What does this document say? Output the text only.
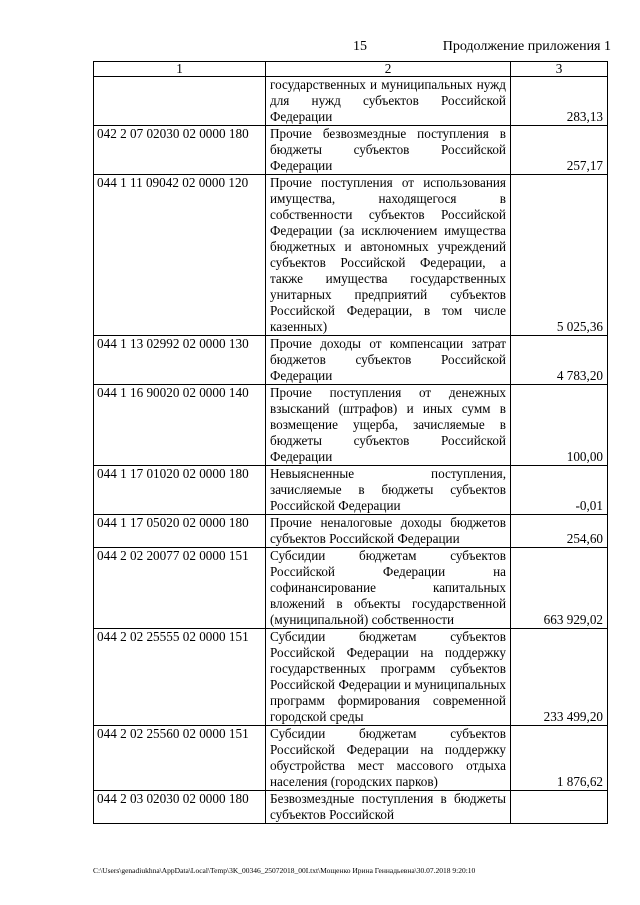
15	Продолжение приложения 1
1	2	3
	государственных и муниципальных нужд для нужд субъектов Российской Федерации	283,13
042 2 07 02030 02 0000 180	Прочие безвозмездные поступления в бюджеты субъектов Российской Федерации	257,17
044 1 11 09042 02 0000 120	Прочие поступления от использования имущества, находящегося в собственности субъектов Российской Федерации (за исключением имущества бюджетных и автономных учреждений субъектов Российской Федерации, а также имущества государственных унитарных предприятий субъектов Российской Федерации, в том числе казенных)	5 025,36
044 1 13 02992 02 0000 130	Прочие доходы от компенсации затрат бюджетов субъектов Российской Федерации	4 783,20
044 1 16 90020 02 0000 140	Прочие поступления от денежных взысканий (штрафов) и иных сумм в возмещение ущерба, зачисляемые в бюджеты субъектов Российской Федерации	100,00
044 1 17 01020 02 0000 180	Невыясненные поступления, зачисляемые в бюджеты субъектов Российской Федерации	-0,01
044 1 17 05020 02 0000 180	Прочие неналоговые доходы бюджетов субъектов Российской Федерации	254,60
044 2 02 20077 02 0000 151	Субсидии бюджетам субъектов Российской Федерации на софинансирование капитальных вложений в объекты государственной (муниципальной) собственности	663 929,02
044 2 02 25555 02 0000 151	Субсидии бюджетам субъектов Российской Федерации на поддержку государственных программ субъектов Российской Федерации и муниципальных программ формирования современной городской среды	233 499,20
044 2 02 25560 02 0000 151	Субсидии бюджетам субъектов Российской Федерации на поддержку обустройства мест массового отдыха населения (городских парков)	1 876,62
044 2 03 02030 02 0000 180	Безвозмездные поступления в бюджеты субъектов Российской	
C:\Users\genadiukhna\AppData\Local\Temp\3K_00346_25072018_00I.txt\Мощенко Ирина Геннадьевна\30.07.2018 9:20:10
